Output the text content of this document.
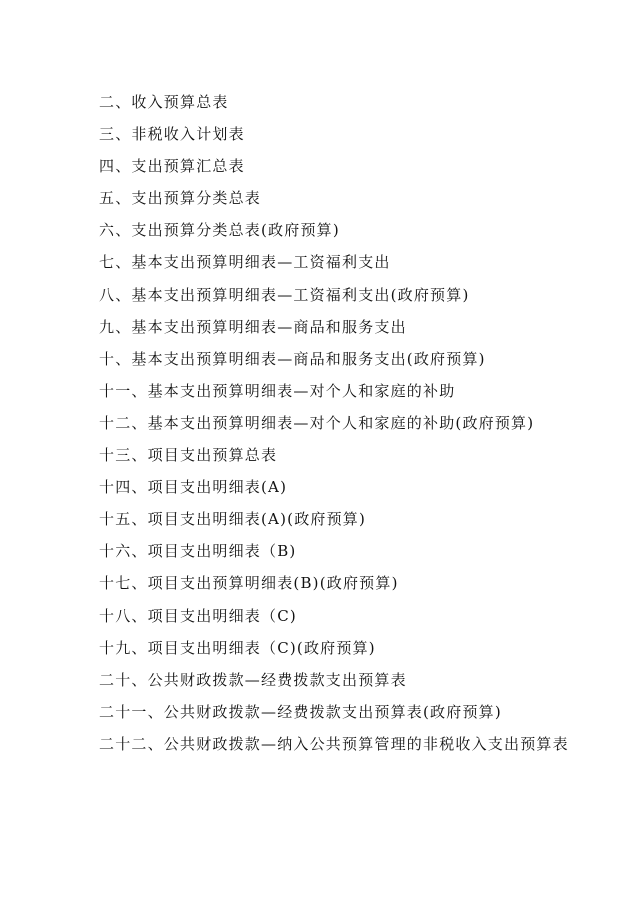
二、收入预算总表
三、非税收入计划表
四、支出预算汇总表
五、支出预算分类总表
六、支出预算分类总表(政府预算)
七、基本支出预算明细表—工资福利支出
八、基本支出预算明细表—工资福利支出(政府预算)
九、基本支出预算明细表—商品和服务支出
十、基本支出预算明细表—商品和服务支出(政府预算)
十一、基本支出预算明细表—对个人和家庭的补助
十二、基本支出预算明细表—对个人和家庭的补助(政府预算)
十三、项目支出预算总表
十四、项目支出明细表(A)
十五、项目支出明细表(A)(政府预算)
十六、项目支出明细表（B)
十七、项目支出预算明细表(B)(政府预算)
十八、项目支出明细表（C)
十九、项目支出明细表（C)(政府预算)
二十、公共财政拨款—经费拨款支出预算表
二十一、公共财政拨款—经费拨款支出预算表(政府预算)
二十二、公共财政拨款—纳入公共预算管理的非税收入支出预算表
